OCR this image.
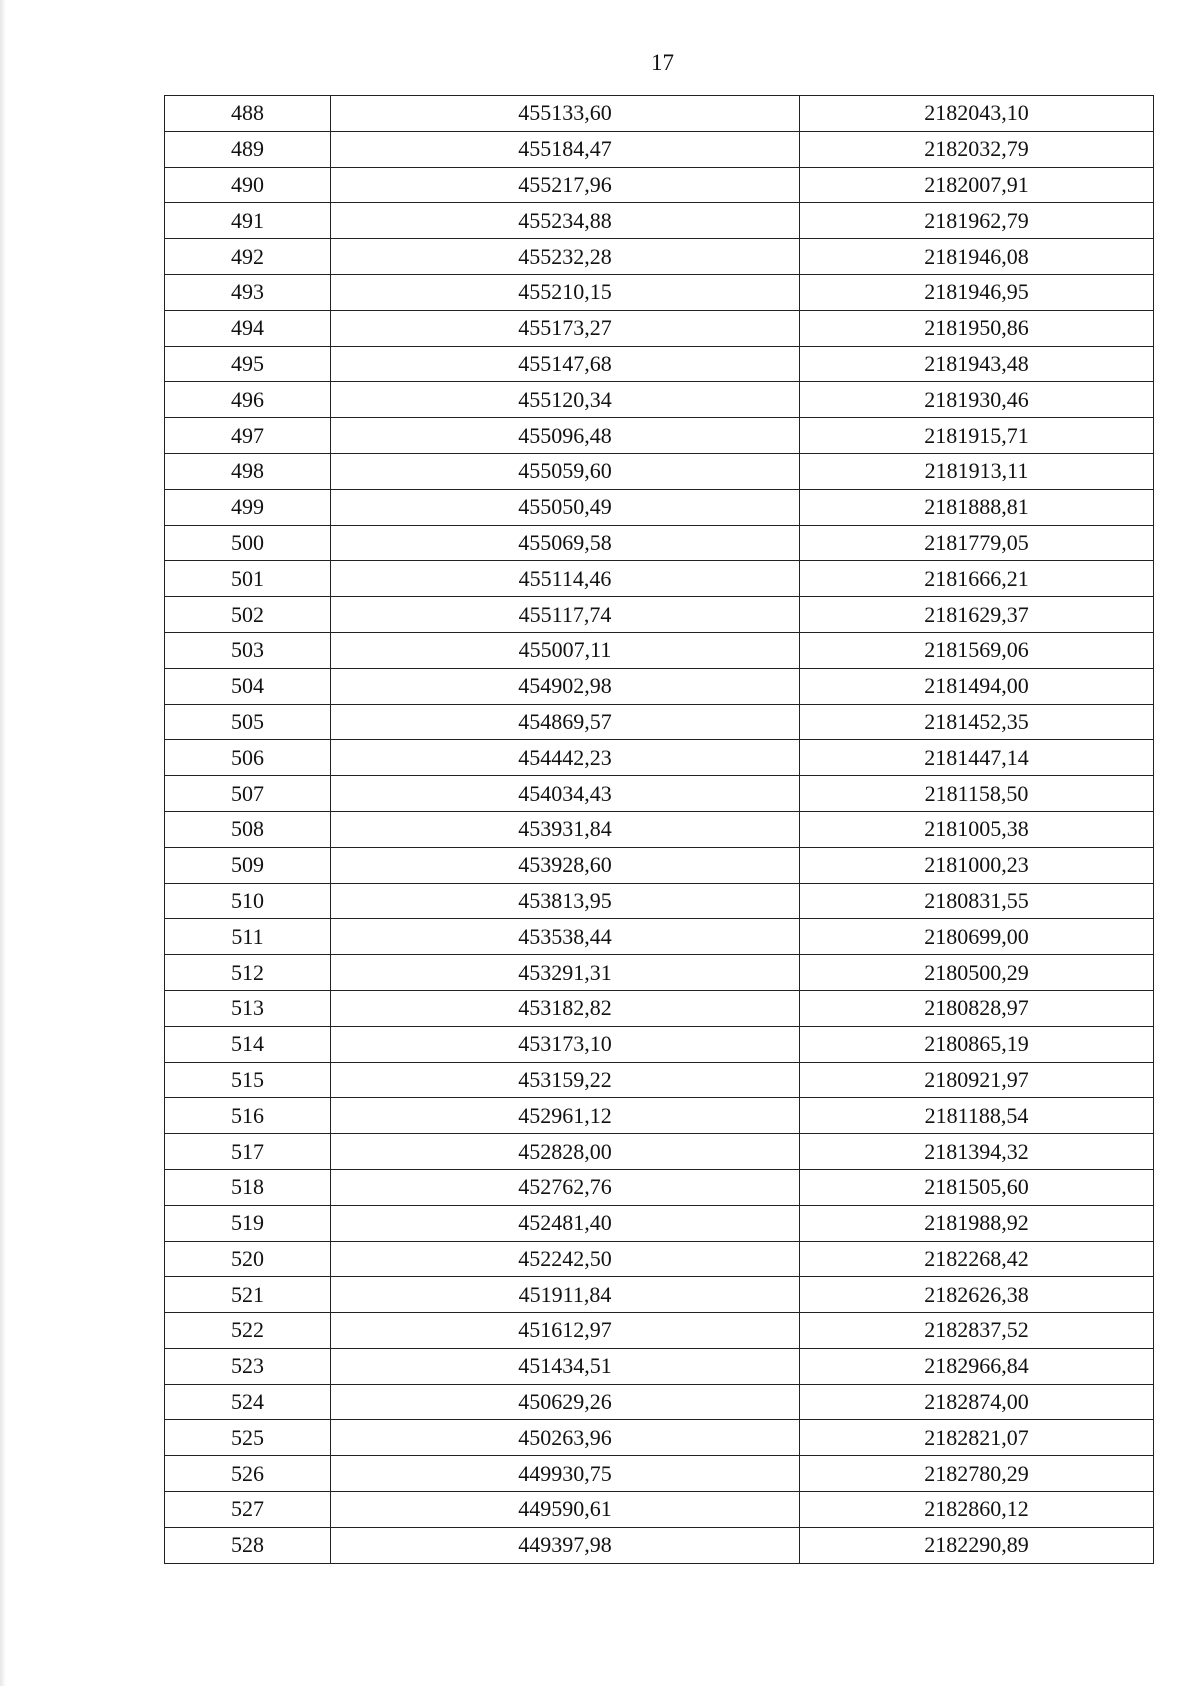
17
488	455133,60	2182043,10
489	455184,47	2182032,79
490	455217,96	2182007,91
491	455234,88	2181962,79
492	455232,28	2181946,08
493	455210,15	2181946,95
494	455173,27	2181950,86
495	455147,68	2181943,48
496	455120,34	2181930,46
497	455096,48	2181915,71
498	455059,60	2181913,11
499	455050,49	2181888,81
500	455069,58	2181779,05
501	455114,46	2181666,21
502	455117,74	2181629,37
503	455007,11	2181569,06
504	454902,98	2181494,00
505	454869,57	2181452,35
506	454442,23	2181447,14
507	454034,43	2181158,50
508	453931,84	2181005,38
509	453928,60	2181000,23
510	453813,95	2180831,55
511	453538,44	2180699,00
512	453291,31	2180500,29
513	453182,82	2180828,97
514	453173,10	2180865,19
515	453159,22	2180921,97
516	452961,12	2181188,54
517	452828,00	2181394,32
518	452762,76	2181505,60
519	452481,40	2181988,92
520	452242,50	2182268,42
521	451911,84	2182626,38
522	451612,97	2182837,52
523	451434,51	2182966,84
524	450629,26	2182874,00
525	450263,96	2182821,07
526	449930,75	2182780,29
527	449590,61	2182860,12
528	449397,98	2182290,89
